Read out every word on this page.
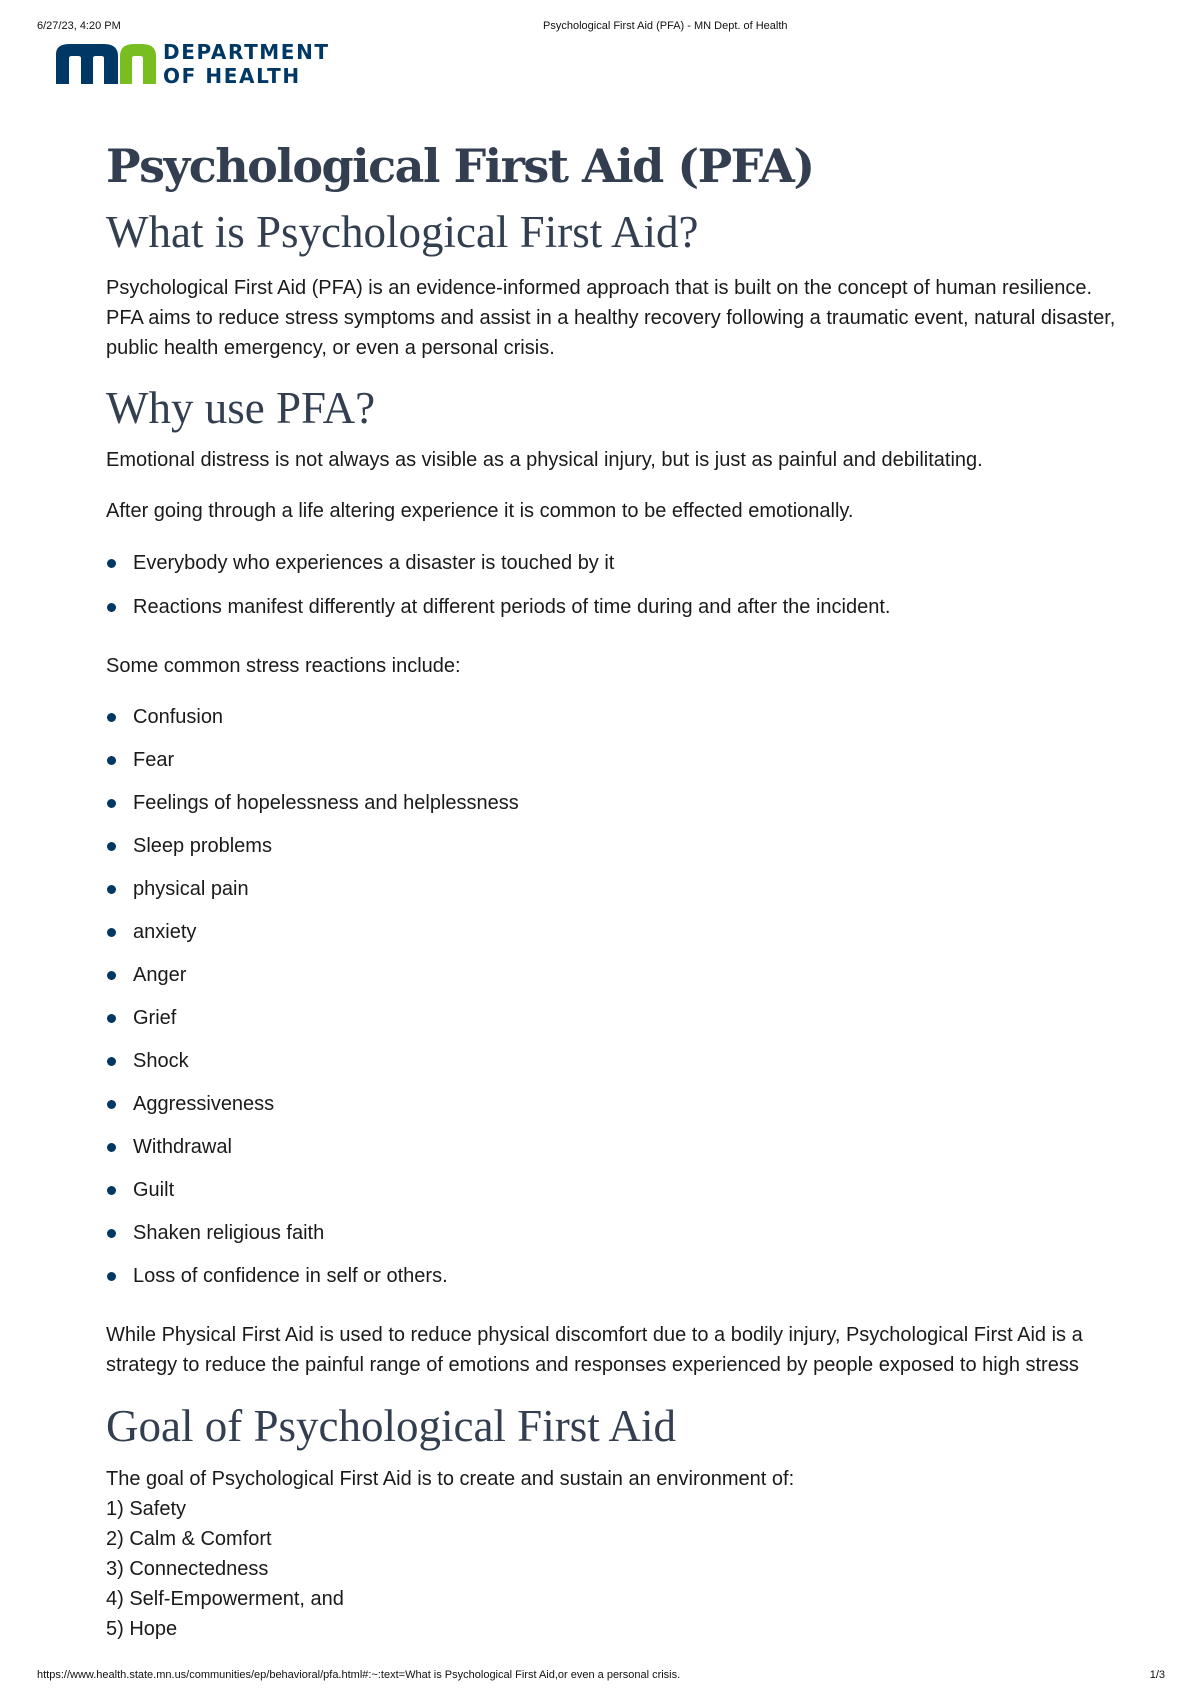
6/27/23, 4:20 PM	Psychological First Aid (PFA) - MN Dept. of Health
DEPARTMENT
OF HEALTH
Psychological First Aid (PFA)
What is Psychological First Aid?

Psychological First Aid (PFA) is an evidence-informed approach that is built on the concept of human resilience. PFA aims to reduce stress symptoms and assist in a healthy recovery following a traumatic event, natural disaster, public health emergency, or even a personal crisis.

Why use PFA?

Emotional distress is not always as visible as a physical injury, but is just as painful and debilitating.

After going through a life altering experience it is common to be effected emotionally.

Everybody who experiences a disaster is touched by it
Reactions manifest differently at different periods of time during and after the incident.

Some common stress reactions include:

Confusion
Fear
Feelings of hopelessness and helplessness
Sleep problems
physical pain
anxiety
Anger
Grief
Shock
Aggressiveness
Withdrawal
Guilt
Shaken religious faith
Loss of confidence in self or others.

While Physical First Aid is used to reduce physical discomfort due to a bodily injury, Psychological First Aid is a strategy to reduce the painful range of emotions and responses experienced by people exposed to high stress

Goal of Psychological First Aid

The goal of Psychological First Aid is to create and sustain an environment of:

1) Safety
2) Calm & Comfort
3) Connectedness
4) Self-Empowerment, and
5) Hope
https://www.health.state.mn.us/communities/ep/behavioral/pfa.html#:~:text=What is Psychological First Aid,or even a personal crisis.	1/3
